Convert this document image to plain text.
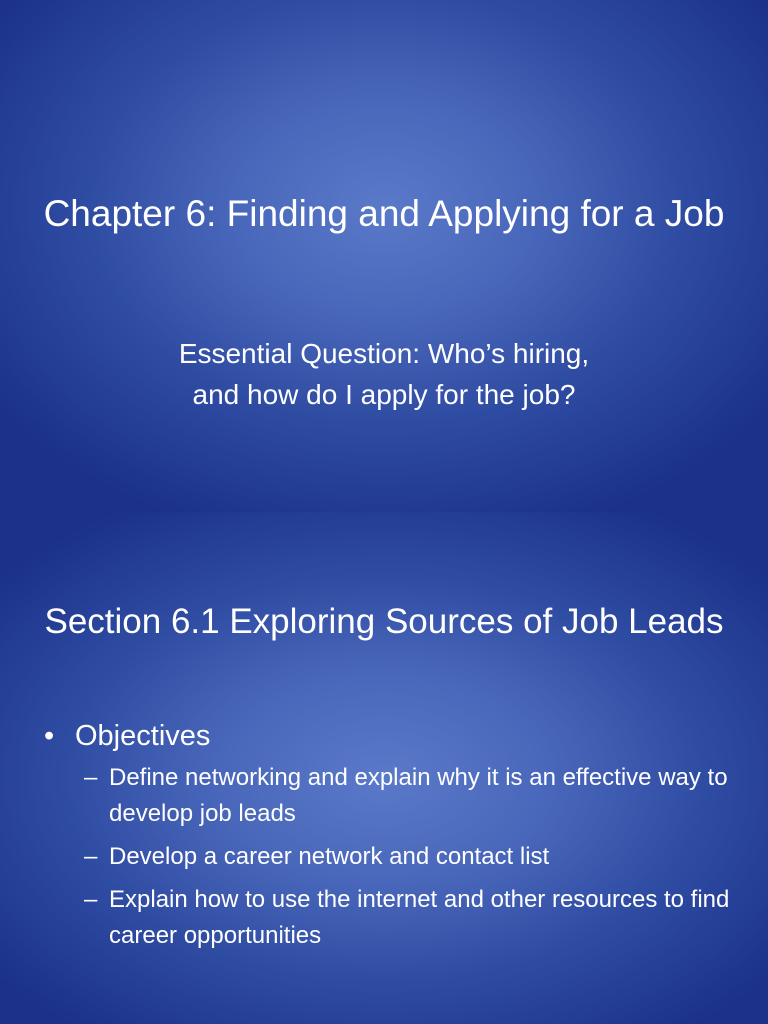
Chapter 6: Finding and Applying for a Job
Essential Question: Who’s hiring,
and how do I apply for the job?
Section 6.1 Exploring Sources of Job Leads
• Objectives
– Define networking and explain why it is an effective way to develop job leads
– Develop a career network and contact list
– Explain how to use the internet and other resources to find career opportunities
